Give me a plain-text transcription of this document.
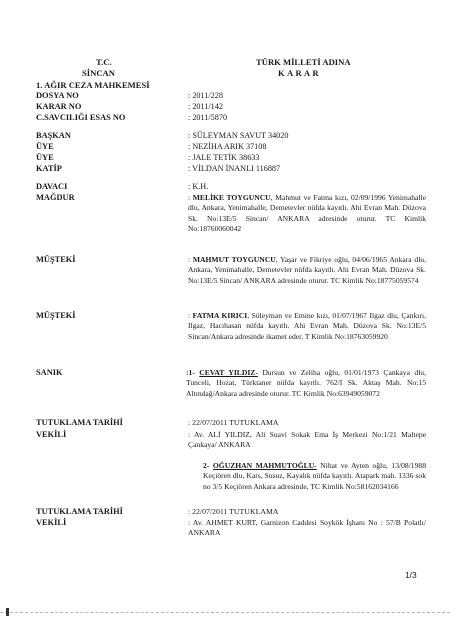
T.C.
SİNCAN
1. AĞIR CEZA MAHKEMESİ
TÜRK MİLLETİ ADINA
K A R A R
DOSYA NO	: 2011/228
KARAR NO	: 2011/142
C.SAVCILIĞI ESAS NO	: 2011/5870
BAŞKAN	: SÜLEYMAN SAVUT 34020
ÜYE	: NEZİHA ARIK 37108
ÜYE	: JALE TETİK 38633
KATİP	: VİLDAN İNANLI 116887
DAVACI	: K.H.
MAĞDUR	: MELİKE TOYGUNCU, Mahmut ve Fatma kızı, 02/09/1996 Yenimahalle dlu, Ankara, Yenimahalle, Demetevler nüfda kayıtlı. Ahi Evran Mah. Düzova Sk. No:13E/5 Sincan/ ANKARA adresinde oturur. TC Kimlik No:18760060042
MÜŞTEKİ	: MAHMUT TOYGUNCU, Yaşar ve Fikriye oğlu, 04/06/1965 Ankara dlu, Ankara, Yenimahalle, Demetevler nüfda kayıtlı. Ahi Evran Mah. Düzova Sk. No:13E/5 Sincan/ ANKARA adresinde oturur. TC Kimlik No:18775059574
MÜŞTEKİ	: FATMA KIRICI, Süleyman ve Emine kızı, 01/07/1967 Ilgaz dlu, Çankırı, Ilgaz, Hacıhasan nüfda kayıtlı. Ahi Evran Mah. Düzova Sk. No:13E/5 Sincan/Ankara adresinde ikamet eder. T Kimlik No:18763059920
SANIK	:1- CEVAT YILDIZ- Dursun ve Zeliha oğlu, 01/01/1973 Çankaya dlu, Tunceli, Hozat, Türktaner nüfda kayıtlı. 762/I Sk. Aktaş Mah. No:15 Altındağ/Ankara adresinde oturur. TC Kimlik No:63949059072
TUTUKLAMA TARİHİ	: 22/07/2011 TUTUKLAMA
VEKİLİ	: Av. ALİ YILDIZ, Ali Suavi Sokak Ema İş Merkezi No:1/21 Maltepe Çankaya/ ANKARA
2- OĞUZHAN MAHMUTOĞLU- Nihat ve Ayten oğlu, 13/08/1988 Keçiören dlu, Kars, Susuz, Kayalık nüfda kayıtlı. Atapark mah. 1336 sok no 3/5 Keçiören Ankara adresinde, TC Kimlik No:58162034166
TUTUKLAMA TARİHİ	: 22/07/2011 TUTUKLAMA
VEKİLİ	: Av. AHMET KURT, Garnizon Caddesi Soykök İşhanı No : 57/B Polatlı/ ANKARA
1/3
